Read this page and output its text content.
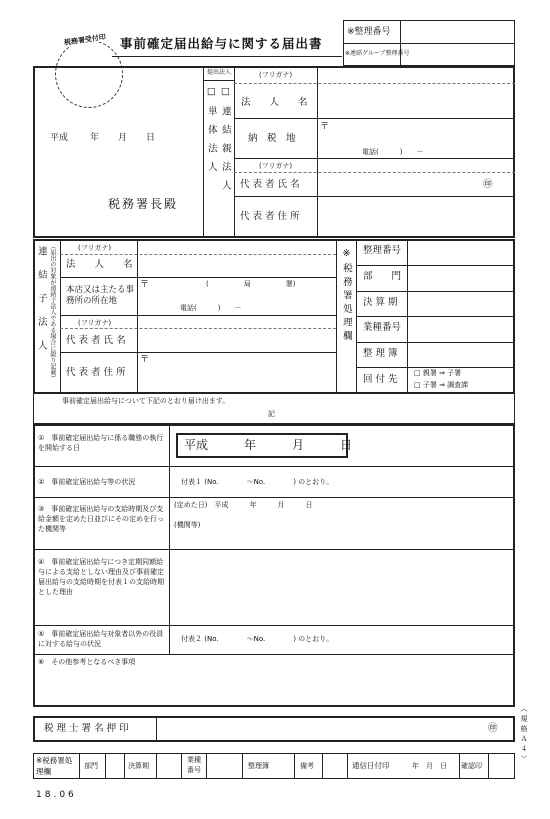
税務署受付印 事前確定届出給与に関する届出書
※整理番号
※連結グループ整理番号
平成 年 月 日
税務署長殿
提出法人
□ 単 体 法 人 □ 連 結 親 法 人
(フリガナ)
法　　人　　名
納　税　地
〒
電話(　　　)　　－
(フリガナ)
代 表 者 氏 名	㊞
代 表 者 住 所
連結子法人 （届出の対象が連結子法人である場合に限り記載）	(フリガナ)
法　　人　　名
本店又は主たる事務所の所在地
〒	(　　　　　局　　　　　署)
電話(　　　)　　－
(フリガナ)
代 表 者 氏 名
代 表 者 住 所
〒
※税務署処理欄 整理番号
部　　門
決 算 期
業種番号
整 理 簿
回 付 先
□ 親署 ⇒ 子署
□ 子署 ⇒ 調査課
事前確定届出給与について下記のとおり届け出ます。
記
①　事前確定届出給与に係る職務の執行を開始する日	平成　　　年　　　月　　　日
②　事前確定届出給与等の状況	付表１ (No.　　　　～No.　　　　) のとおり。
③　事前確定届出給与の支給時期及び支給金額を定めた日並びにその定めを行った機関等
(定めた日)　平成　　　年　　　月　　　日
(機関等)
④　事前確定届出給与につき定期同額給与による支給としない理由及び事前確定届出給与の支給時期を付表１の支給時期とした理由
⑤　事前確定届出給与対象者以外の役員に対する給与の状況
付表２ (No.　　　　～No.　　　　) のとおり。
⑥　その他参考となるべき事項
税 理 士 署 名 押 印	㊞
※税務署処理欄
部門	決算期
業種番号
整理簿	備考	通信日付印	年　月　日 確認印
（規格Ａ４）
18.06
